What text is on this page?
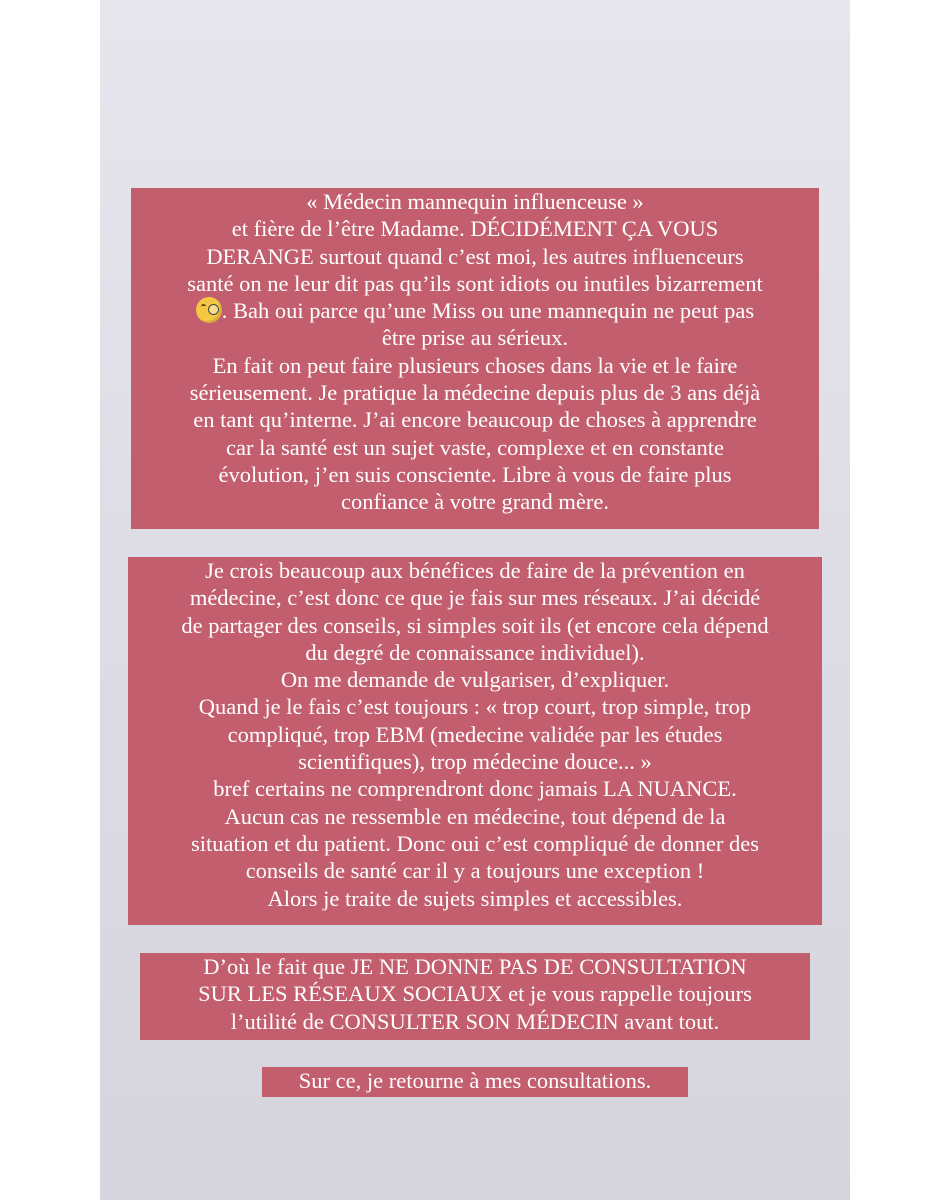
« Médecin mannequin influenceuse »

et fière de l’être Madame. DÉCIDÉMENT ÇA VOUS

DERANGE surtout quand c’est moi, les autres influenceurs

santé on ne leur dit pas qu’ils sont idiots ou inutiles bizarrement

. Bah oui parce qu’une Miss ou une mannequin ne peut pas

être prise au sérieux.

En fait on peut faire plusieurs choses dans la vie et le faire

sérieusement. Je pratique la médecine depuis plus de 3 ans déjà

en tant qu’interne. J’ai encore beaucoup de choses à apprendre

car la santé est un sujet vaste, complexe et en constante

évolution, j’en suis consciente. Libre à vous de faire plus

confiance à votre grand mère.

Je crois beaucoup aux bénéfices de faire de la prévention en

médecine, c’est donc ce que je fais sur mes réseaux. J’ai décidé

de partager des conseils, si simples soit ils (et encore cela dépend

du degré de connaissance individuel).

On me demande de vulgariser, d’expliquer.

Quand je le fais c’est toujours : « trop court, trop simple, trop

compliqué, trop EBM (medecine validée par les études

scientifiques), trop médecine douce... »

bref certains ne comprendront donc jamais LA NUANCE.

Aucun cas ne ressemble en médecine, tout dépend de la

situation et du patient. Donc oui c’est compliqué de donner des

conseils de santé car il y a toujours une exception !

Alors je traite de sujets simples et accessibles.

D’où le fait que JE NE DONNE PAS DE CONSULTATION

SUR LES RÉSEAUX SOCIAUX et je vous rappelle toujours

l’utilité de CONSULTER SON MÉDECIN avant tout.

Sur ce, je retourne à mes consultations.
